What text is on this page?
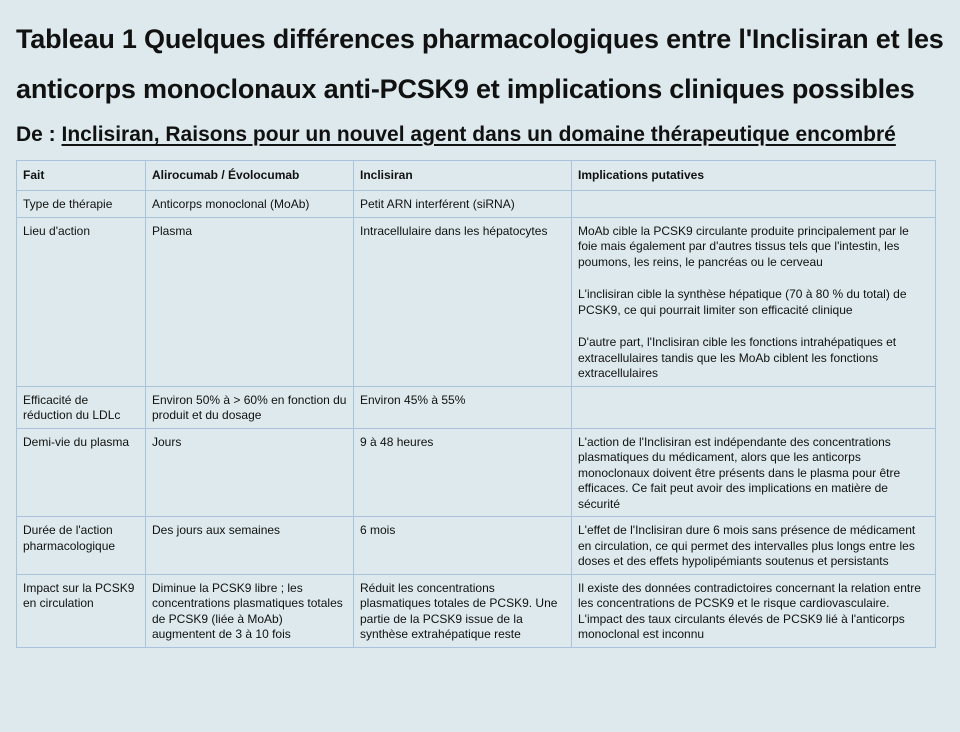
Tableau 1 Quelques différences pharmacologiques entre l'Inclisiran et les anticorps monoclonaux anti-PCSK9 et implications cliniques possibles
De : Inclisiran, Raisons pour un nouvel agent dans un domaine thérapeutique encombré
Fait	Alirocumab / Évolocumab	Inclisiran	Implications putatives
Type de thérapie	Anticorps monoclonal (MoAb)	Petit ARN interférent (siRNA)	
Lieu d'action	Plasma	Intracellulaire dans les hépatocytes	MoAb cible la PCSK9 circulante produite principalement par le foie mais également par d'autres tissus tels que l'intestin, les poumons, les reins, le pancréas ou le cerveau

L'inclisiran cible la synthèse hépatique (70 à 80 % du total) de PCSK9, ce qui pourrait limiter son efficacité clinique

D'autre part, l'Inclisiran cible les fonctions intrahépatiques et extracellulaires tandis que les MoAb ciblent les fonctions extracellulaires

Efficacité de réduction du LDLc	Environ 50% à > 60% en fonction du produit et du dosage	Environ 45% à 55%	
Demi-vie du plasma	Jours	9 à 48 heures	L'action de l'Inclisiran est indépendante des concentrations plasmatiques du médicament, alors que les anticorps monoclonaux doivent être présents dans le plasma pour être efficaces. Ce fait peut avoir des implications en matière de sécurité

Durée de l'action pharmacologique	Des jours aux semaines	6 mois	L'effet de l'Inclisiran dure 6 mois sans présence de médicament en circulation, ce qui permet des intervalles plus longs entre les doses et des effets hypolipémiants soutenus et persistants

Impact sur la PCSK9 en circulation	Diminue la PCSK9 libre ; les concentrations plasmatiques totales de PCSK9 (liée à MoAb) augmentent de 3 à 10 fois	Réduit les concentrations plasmatiques totales de PCSK9. Une partie de la PCSK9 issue de la synthèse extrahépatique reste	Il existe des données contradictoires concernant la relation entre les concentrations de PCSK9 et le risque cardiovasculaire. L'impact des taux circulants élevés de PCSK9 lié à l'anticorps monoclonal est inconnu
